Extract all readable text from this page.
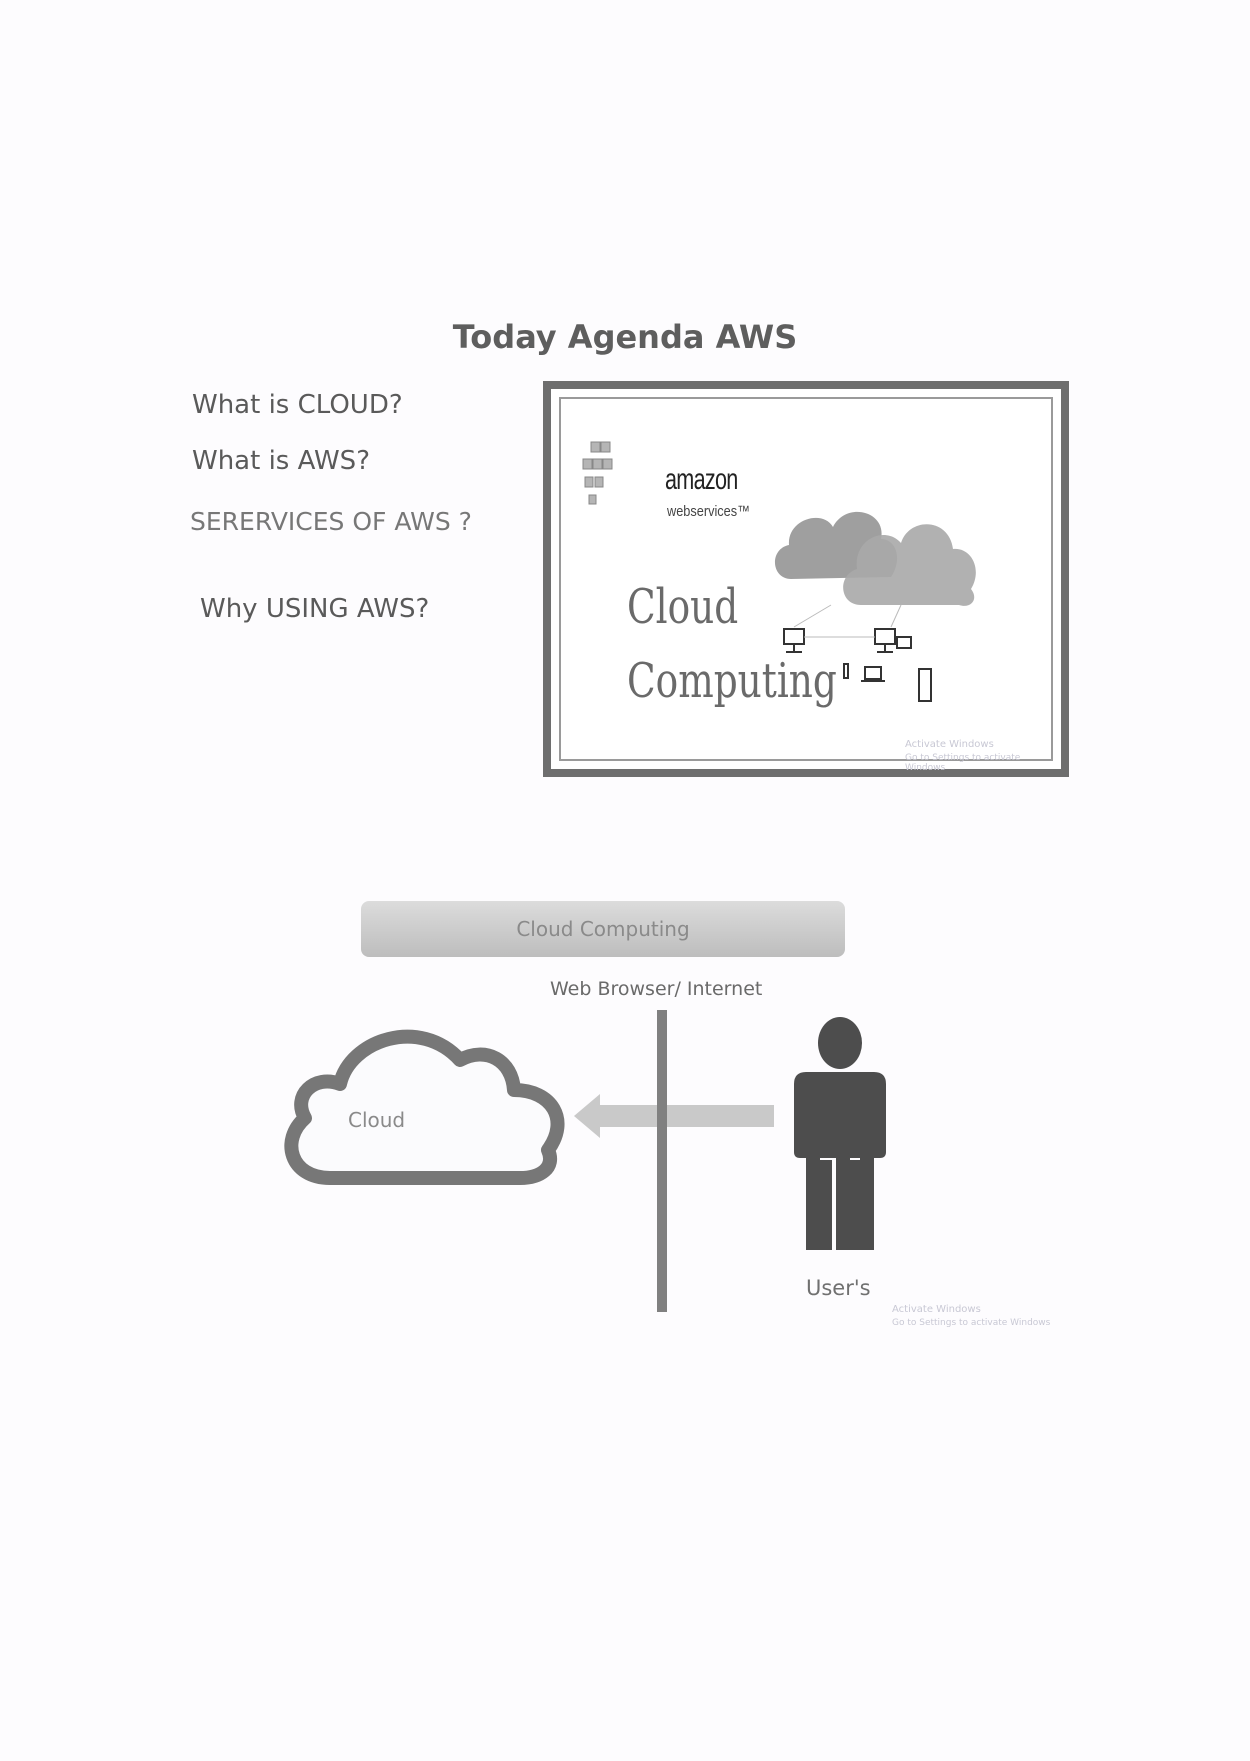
Today Agenda AWS
What is CLOUD?
What is AWS?
SERERVICES OF AWS ?
Why USING AWS?
amazon
webservices™
Cloud
Computing
Activate Windows
Go to Settings to activate Windows
Cloud Computing
Web Browser/ Internet
Cloud
User's
Activate Windows
Go to Settings to activate Windows
